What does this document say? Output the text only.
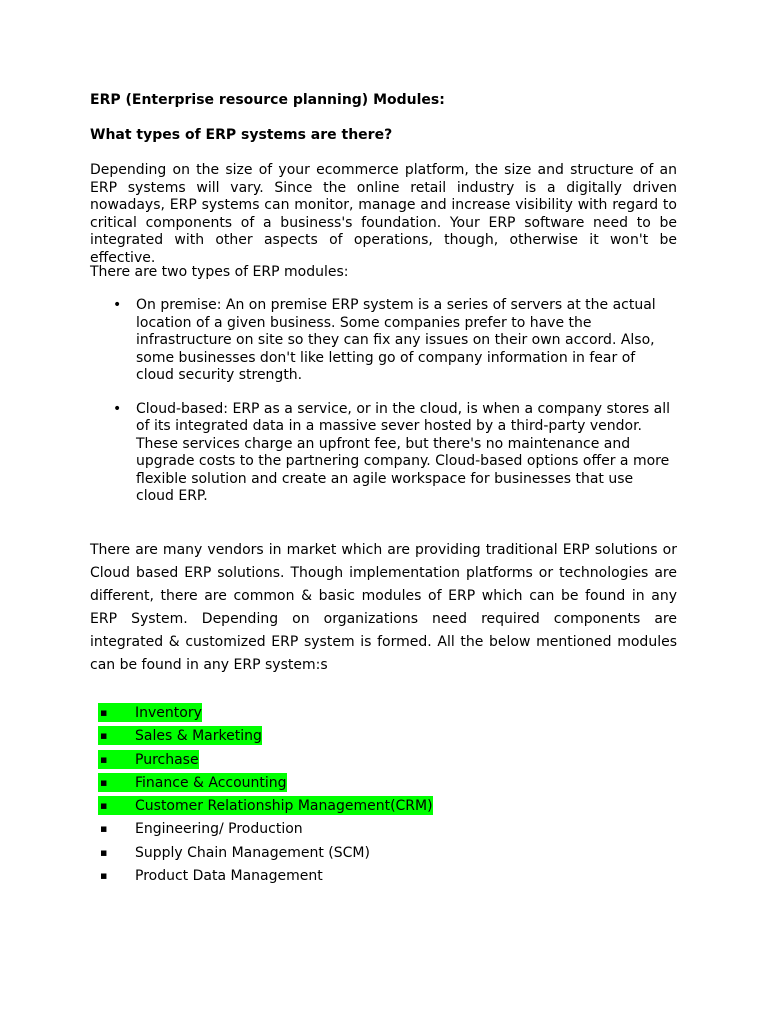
ERP (Enterprise resource planning) Modules:

What types of ERP systems are there?

Depending on the size of your ecommerce platform, the size and structure of an ERP systems will vary. Since the online retail industry is a digitally driven nowadays, ERP systems can monitor, manage and increase visibility with regard to critical components of a business's foundation. Your ERP software need to be integrated with other aspects of operations, though, otherwise it won't be effective.

There are two types of ERP modules:

• On premise: An on premise ERP system is a series of servers at the actual location of a given business. Some companies prefer to have the infrastructure on site so they can fix any issues on their own accord. Also, some businesses don't like letting go of company information in fear of cloud security strength.
• Cloud-based: ERP as a service, or in the cloud, is when a company stores all of its integrated data in a massive sever hosted by a third-party vendor. These services charge an upfront fee, but there's no maintenance and upgrade costs to the partnering company. Cloud-based options offer a more flexible solution and create an agile workspace for businesses that use cloud ERP.

There are many vendors in market which are providing traditional ERP solutions or Cloud based ERP solutions. Though implementation platforms or technologies are different, there are common & basic modules of ERP which can be found in any ERP System. Depending on organizations need required components are integrated & customized ERP system is formed. All the below mentioned modules can be found in any ERP system:s

▪ Inventory
▪ Sales & Marketing
▪ Purchase
▪ Finance & Accounting
▪ Customer Relationship Management(CRM)
▪ Engineering/ Production
▪ Supply Chain Management (SCM)
▪ Product Data Management
